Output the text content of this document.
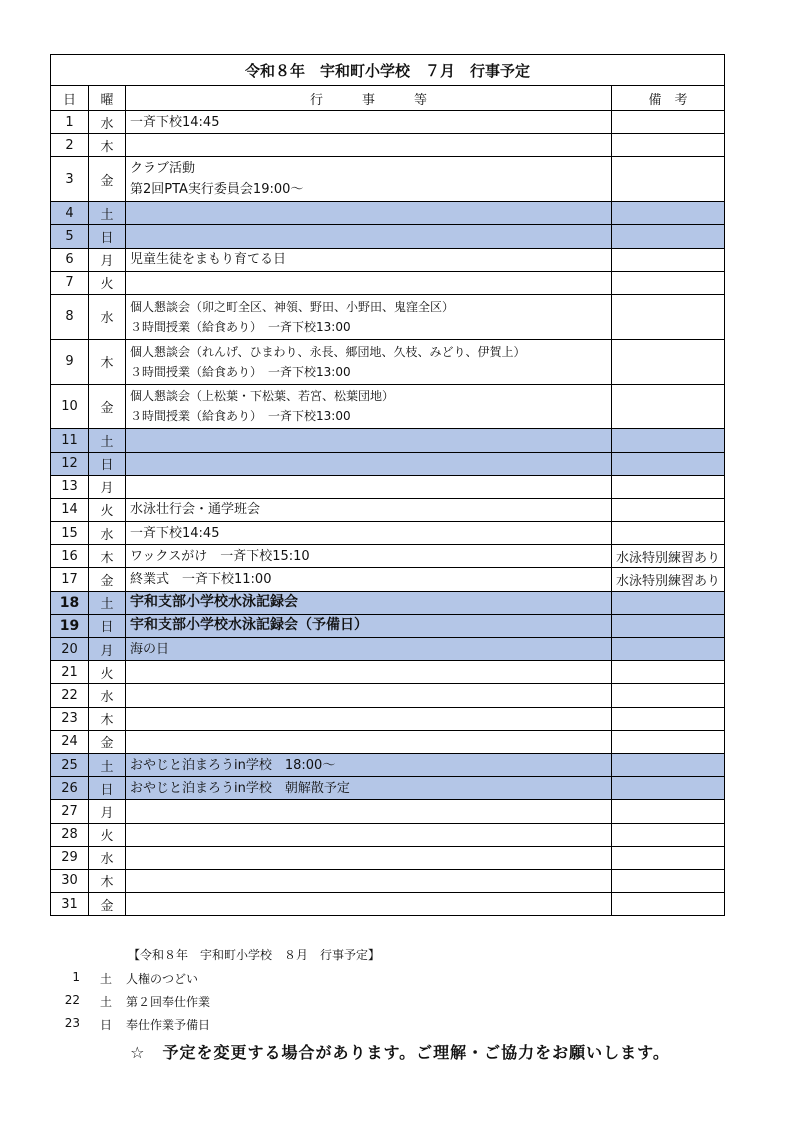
令和８年　宇和町小学校　７月　行事予定			
日	曜	行　　　事　　　等	備　考
1	水	一斉下校14:45	

2	木	

3	金	クラブ活動
第2回PTA実行委員会19:00～	

4	土	

5	日	

6	月	児童生徒をまもり育てる日	

7	火	

8	水	個人懇談会（卯之町全区、神領、野田、小野田、鬼窪全区）
３時間授業（給食あり）　一斉下校13:00	

9	木	個人懇談会（れんげ、ひまわり、永長、郷団地、久枝、みどり、伊賀上）
３時間授業（給食あり）　一斉下校13:00	

10	金	個人懇談会（上松葉・下松葉、若宮、松葉団地）
３時間授業（給食あり）　一斉下校13:00	

11	土	

12	日	

13	月	

14	火	水泳壮行会・通学班会	

15	水	一斉下校14:45	

16	木	ワックスがけ　一斉下校15:10	水泳特別練習あり
17	金	終業式　一斉下校11:00	水泳特別練習あり
18	土	宇和支部小学校水泳記録会	

19	日	宇和支部小学校水泳記録会（予備日）	

20	月	海の日	

21	火	

22	水	

23	木	

24	金	

25	土	おやじと泊まろうin学校　18:00～	

26	日	おやじと泊まろうin学校　朝解散予定	

27	月	

28	火	

29	水	

30	木	

31	金	

【令和８年　宇和町小学校　８月　行事予定】
1 土 人権のつどい
22 土 第２回奉仕作業
23 日 奉仕作業予備日
☆　予定を変更する場合があります。ご理解・ご協力をお願いします。
